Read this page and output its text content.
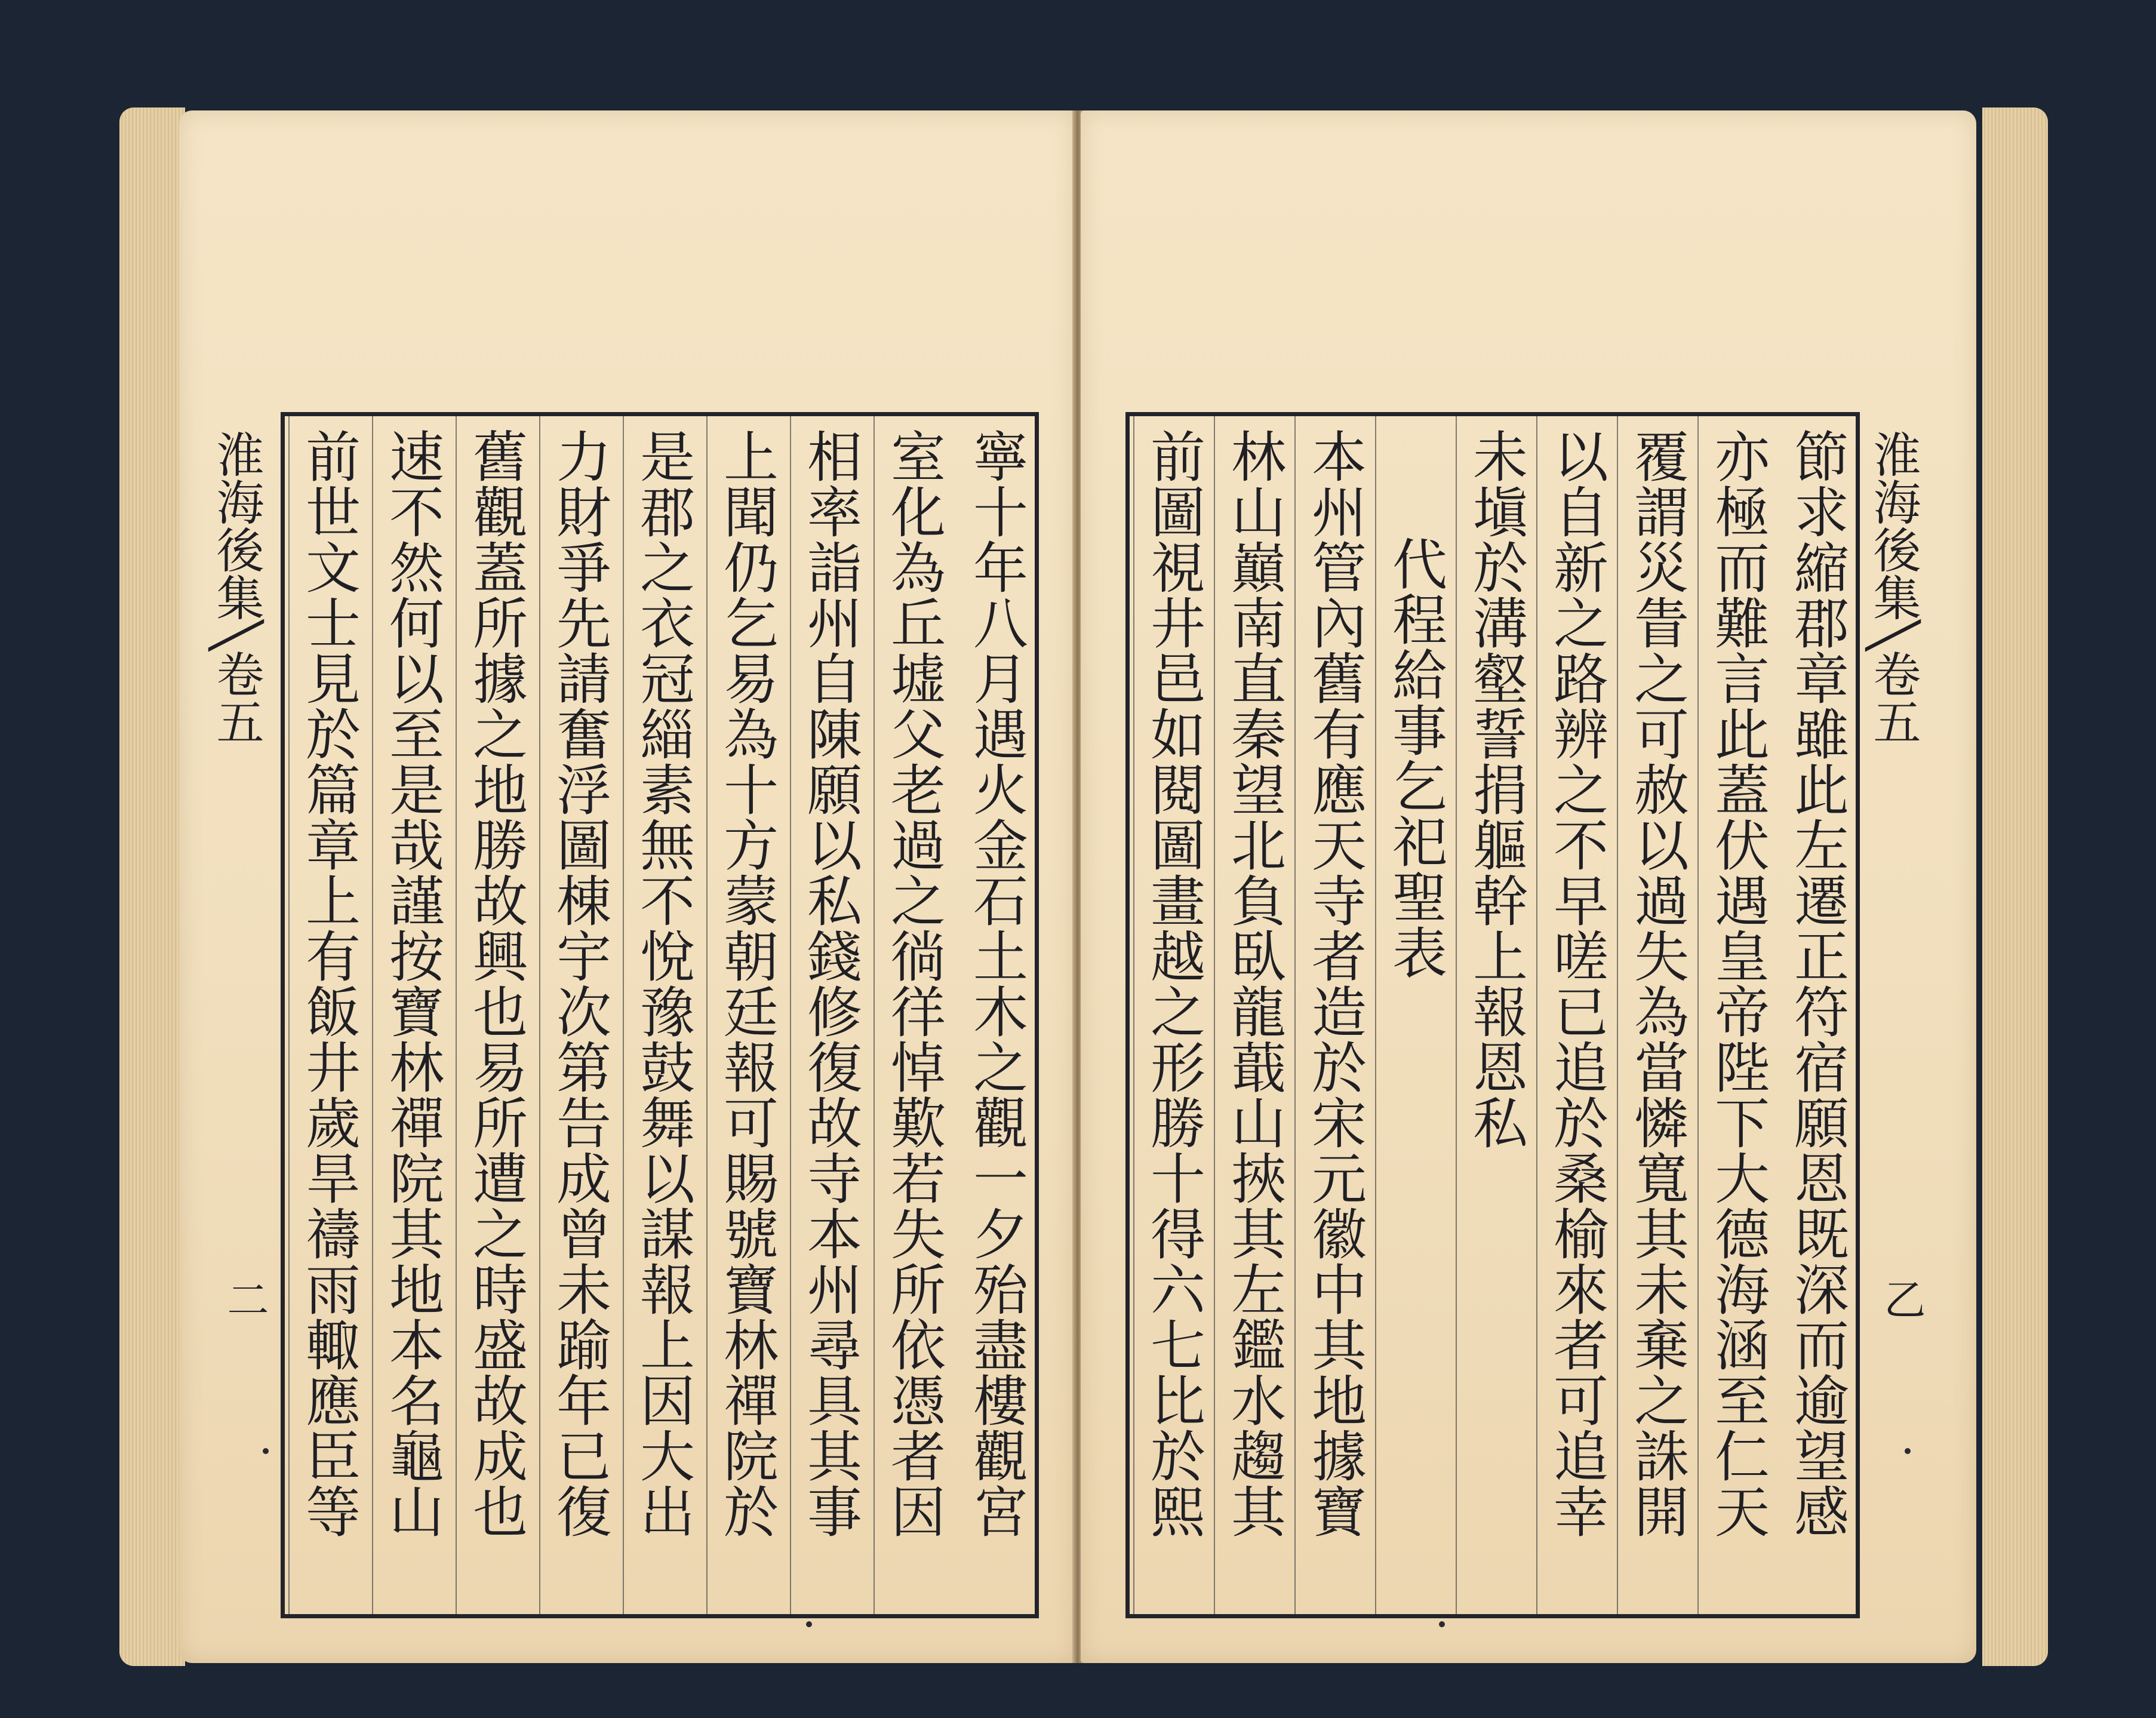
淮海後集╲卷五
二	寧十年八月遇火金石土木之觀一夕殆盡樓觀宮
室化為丘墟父老過之徜徉悼歎若失所依憑者因
相率詣州自陳願以私錢修復故寺本州尋具其事
上聞仍乞易為十方蒙朝廷報可賜號寶林禪院於
是郡之衣冠緇素無不悅豫鼓舞以謀報上因大出
力財爭先請奮浮圖棟宇次第告成曾未踰年已復
舊觀蓋所據之地勝故興也易所遭之時盛故成也
速不然何以至是哉謹按寶林禪院其地本名龜山
前世文士見於篇章上有飯井歲旱禱雨輙應臣等	節求縮郡章雖此左遷正符宿願恩既深而逾望感
亦極而難言此蓋伏遇皇帝陛下大德海涵至仁天
覆謂災眚之可赦以過失為當憐寬其未棄之誅開
以自新之路辨之不早嗟已追於桑榆來者可追幸
未塡於溝壑誓捐軀幹上報恩私
代程給事乞祀聖表
本州管內舊有應天寺者造於宋元徽中其地據寶
林山巔南直秦望北負臥龍蕺山挾其左鑑水趨其
前圖視井邑如閱圖畫越之形勝十得六七比於熙	淮海後集╲卷五
乙
